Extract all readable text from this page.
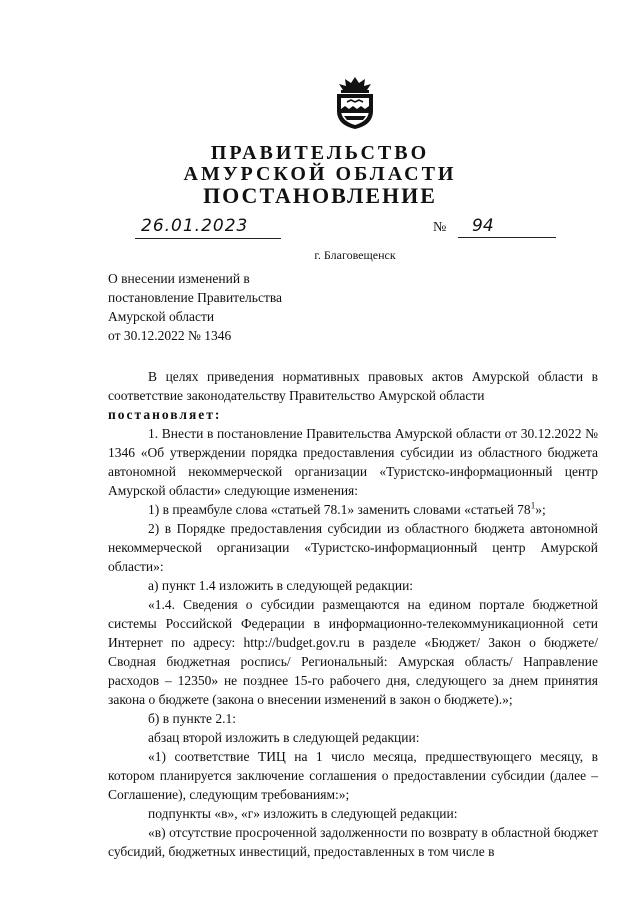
ПРАВИТЕЛЬСТВО
АМУРСКОЙ ОБЛАСТИ
ПОСТАНОВЛЕНИЕ
26.01.2023	№	94
г. Благовещенск
О внесении изменений в
постановление Правительства
Амурской области
от 30.12.2022 № 1346

В целях приведения нормативных правовых актов Амурской области в соответствие законодательству Правительство Амурской области

постановляет:

1. Внести в постановление Правительства Амурской области от 30.12.2022 № 1346 «Об утверждении порядка предоставления субсидии из областного бюджета автономной некоммерческой организации «Туристско-информационный центр Амурской области» следующие изменения:

1) в преамбуле слова «статьей 78.1» заменить словами «статьей $78^1$»;

2) в Порядке предоставления субсидии из областного бюджета автономной некоммерческой организации «Туристско-информационный центр Амурской области»:

а) пункт 1.4 изложить в следующей редакции:

«1.4. Сведения о субсидии размещаются на едином портале бюджетной системы Российской Федерации в информационно-телекоммуникационной сети Интернет по адресу: http://budget.gov.ru в разделе «Бюджет/ Закон о бюджете/ Сводная бюджетная роспись/ Региональный: Амурская область/ Направление расходов – 12350» не позднее 15-го рабочего дня, следующего за днем принятия закона о бюджете (закона о внесении изменений в закон о бюджете).»;

б) в пункте 2.1:

абзац второй изложить в следующей редакции:

«1) соответствие ТИЦ на 1 число месяца, предшествующего месяцу, в котором планируется заключение соглашения о предоставлении субсидии (далее – Соглашение), следующим требованиям:»;

подпункты «в», «г» изложить в следующей редакции:

«в) отсутствие просроченной задолженности по возврату в областной бюджет субсидий, бюджетных инвестиций, предоставленных в том числе в
